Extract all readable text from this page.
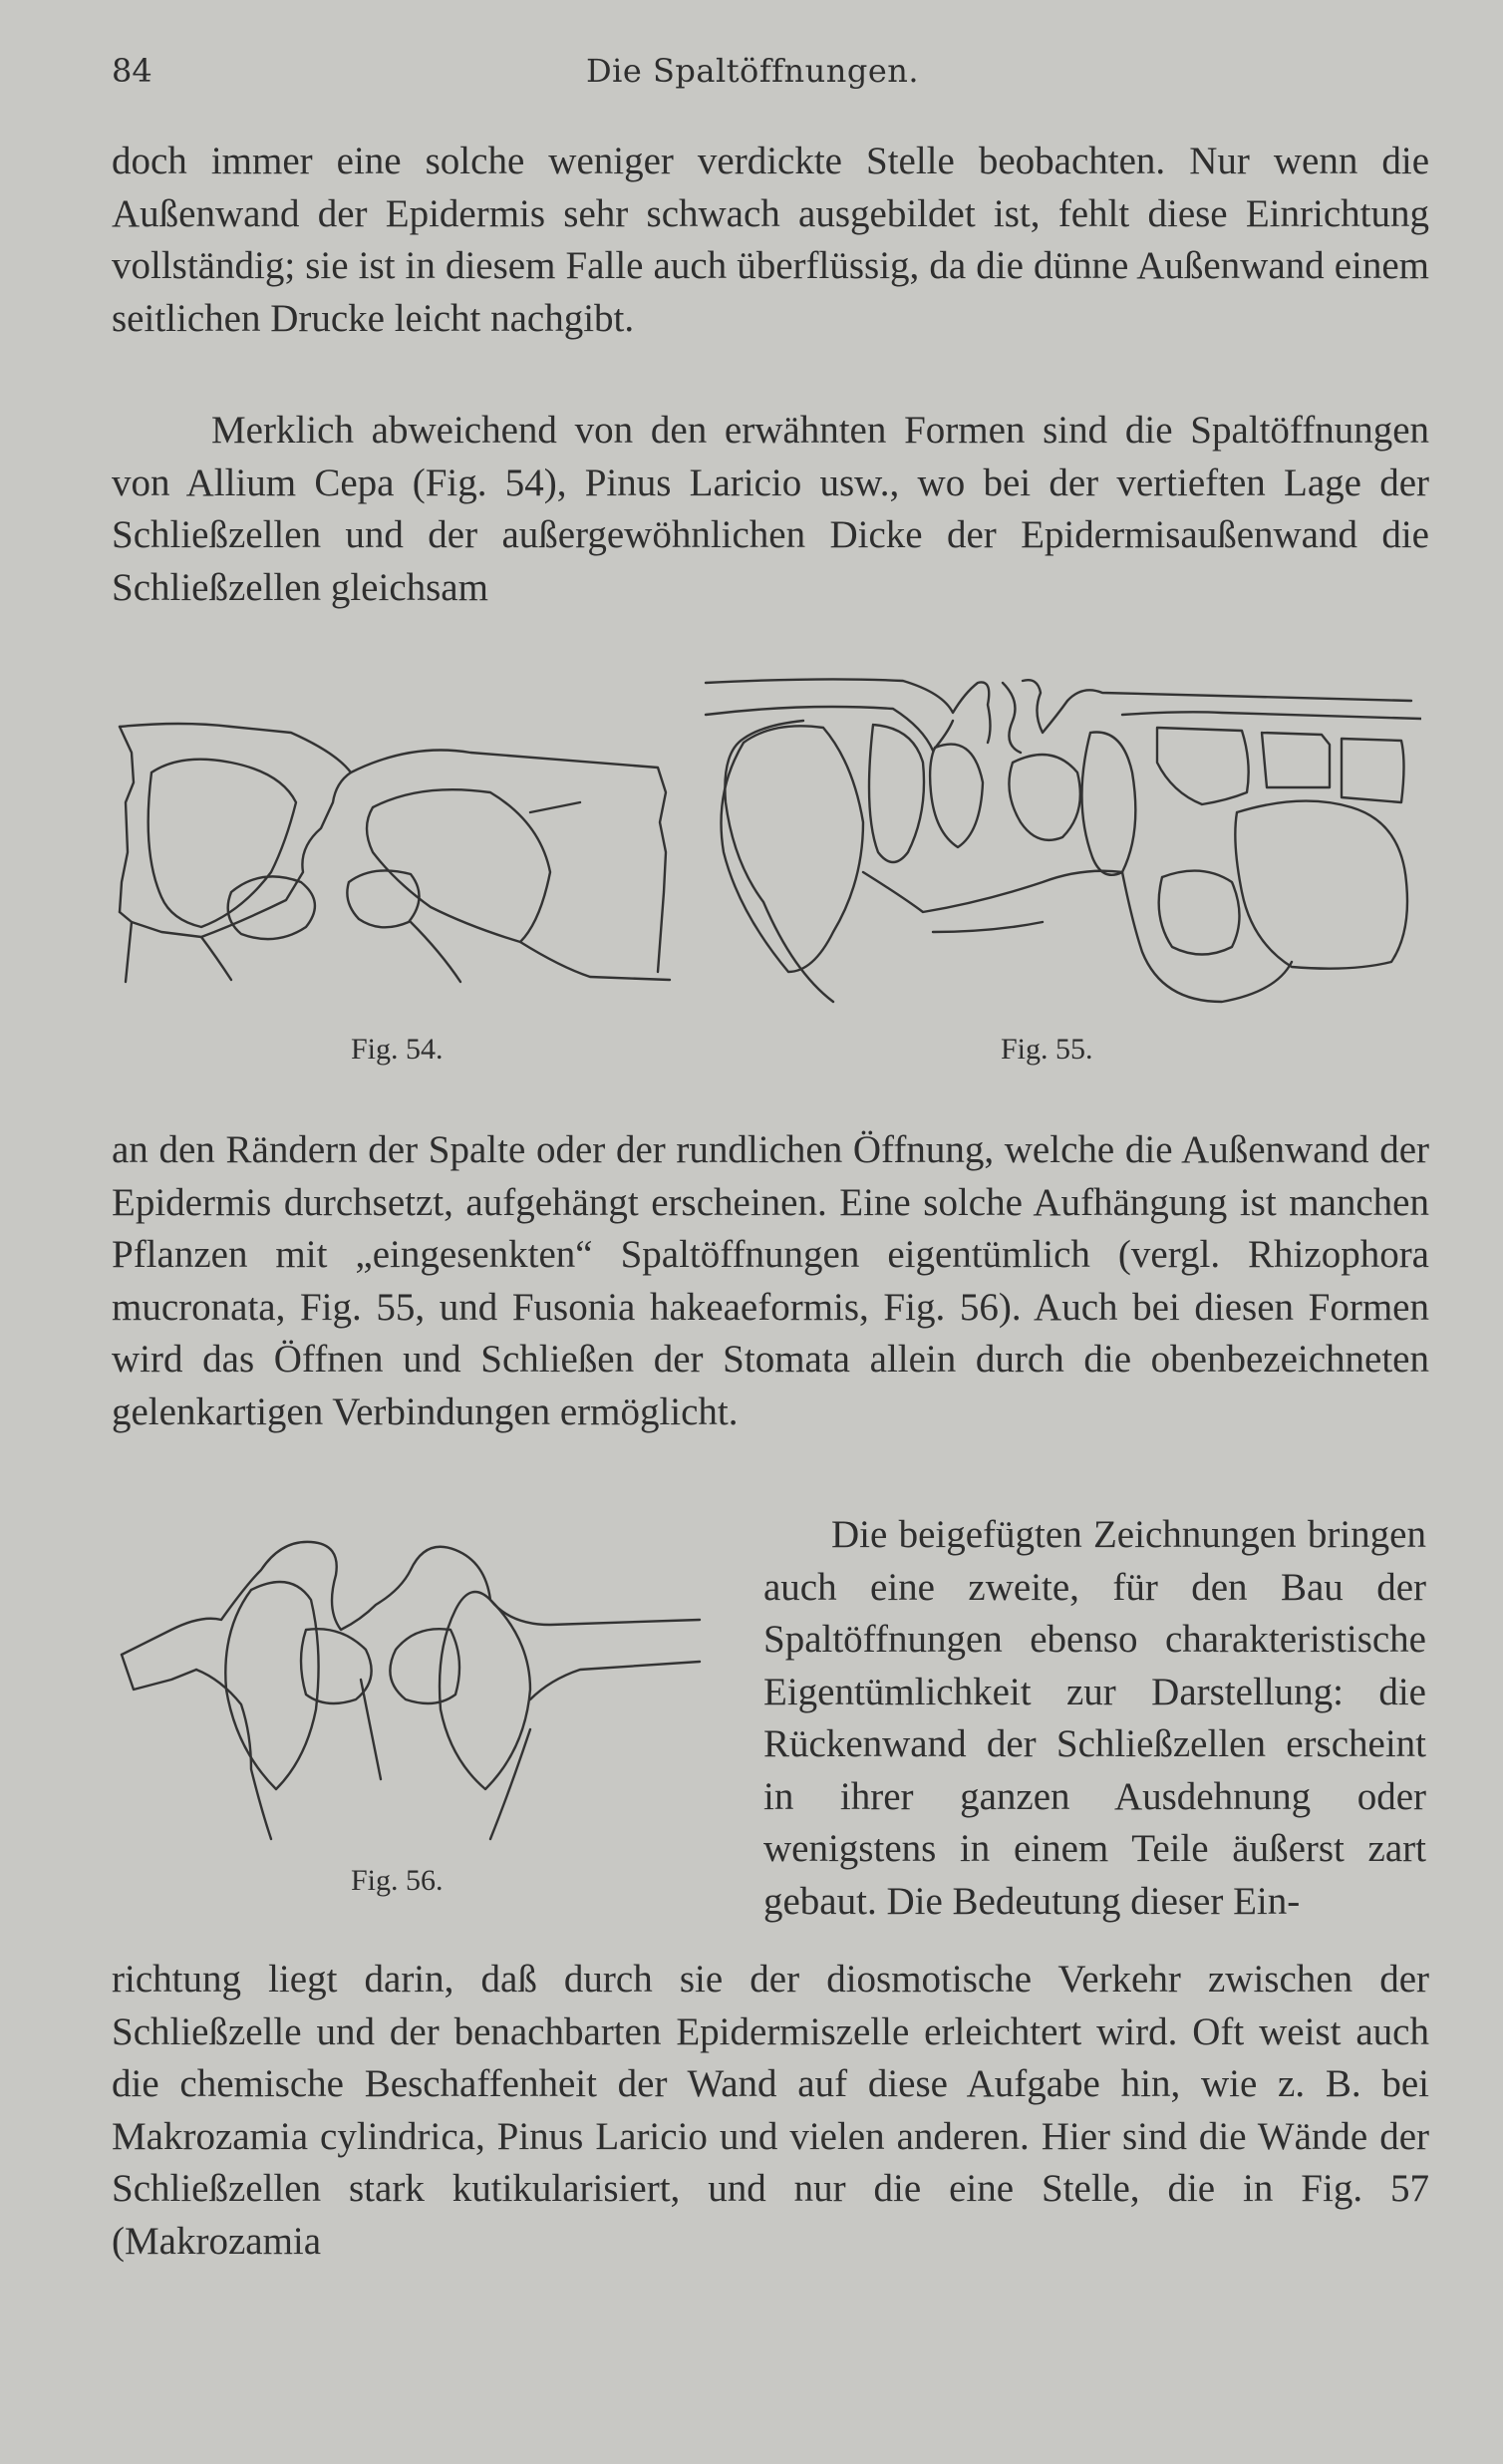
84	Die Spaltöffnungen.

doch immer eine solche weniger verdickte Stelle beobachten. Nur wenn die Außenwand der Epidermis sehr schwach ausgebildet ist, fehlt diese Einrichtung vollständig; sie ist in diesem Falle auch überflüssig, da die dünne Außenwand einem seitlichen Drucke leicht nachgibt.

Merklich abweichend von den erwähnten Formen sind die Spaltöffnungen von Allium Cepa (Fig. 54), Pinus Laricio usw., wo bei der vertieften Lage der Schließzellen und der außergewöhnlichen Dicke der Epidermisaußenwand die Schließzellen gleichsam

Fig. 54.	Fig. 55.

an den Rändern der Spalte oder der rundlichen Öffnung, welche die Außenwand der Epidermis durchsetzt, aufgehängt erscheinen. Eine solche Aufhängung ist manchen Pflanzen mit „eingesenkten“ Spaltöffnungen eigentümlich (vergl. Rhizophora mucronata, Fig. 55, und Fusonia hakeaeformis, Fig. 56). Auch bei diesen Formen wird das Öffnen und Schließen der Stomata allein durch die obenbezeichneten gelenkartigen Verbindungen ermöglicht.

Fig. 56.

Die beigefügten Zeichnungen bringen auch eine zweite, für den Bau der Spaltöffnungen ebenso charakteristische Eigentümlichkeit zur Darstellung: die Rückenwand der Schließzellen erscheint in ihrer ganzen Ausdehnung oder wenigstens in einem Teile äußerst zart gebaut. Die Bedeutung dieser Ein-

richtung liegt darin, daß durch sie der diosmotische Verkehr zwischen der Schließzelle und der benachbarten Epidermiszelle erleichtert wird. Oft weist auch die chemische Beschaffenheit der Wand auf diese Aufgabe hin, wie z. B. bei Makrozamia cylindrica, Pinus Laricio und vielen anderen. Hier sind die Wände der Schließzellen stark kutikularisiert, und nur die eine Stelle, die in Fig. 57 (Makrozamia
